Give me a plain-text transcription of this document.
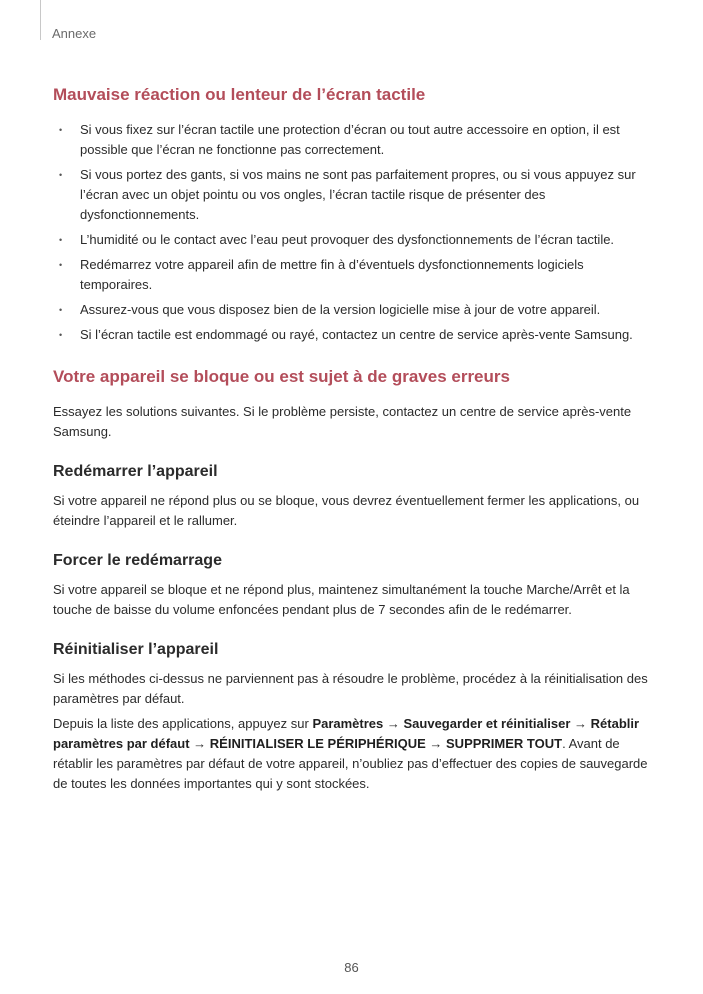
Annexe
Mauvaise réaction ou lenteur de l’écran tactile
• Si vous fixez sur l’écran tactile une protection d’écran ou tout autre accessoire en option, il est possible que l’écran ne fonctionne pas correctement.
• Si vous portez des gants, si vos mains ne sont pas parfaitement propres, ou si vous appuyez sur l’écran avec un objet pointu ou vos ongles, l’écran tactile risque de présenter des dysfonctionnements.
• L’humidité ou le contact avec l’eau peut provoquer des dysfonctionnements de l’écran tactile.
• Redémarrez votre appareil afin de mettre fin à d’éventuels dysfonctionnements logiciels temporaires.
• Assurez-vous que vous disposez bien de la version logicielle mise à jour de votre appareil.
• Si l’écran tactile est endommagé ou rayé, contactez un centre de service après-vente Samsung.
Votre appareil se bloque ou est sujet à de graves erreurs

Essayez les solutions suivantes. Si le problème persiste, contactez un centre de service après-vente Samsung.

Redémarrer l’appareil

Si votre appareil ne répond plus ou se bloque, vous devrez éventuellement fermer les applications, ou éteindre l’appareil et le rallumer.

Forcer le redémarrage

Si votre appareil se bloque et ne répond plus, maintenez simultanément la touche Marche/Arrêt et la touche de baisse du volume enfoncées pendant plus de 7 secondes afin de le redémarrer.

Réinitialiser l’appareil

Si les méthodes ci-dessus ne parviennent pas à résoudre le problème, procédez à la réinitialisation des paramètres par défaut.

Depuis la liste des applications, appuyez sur Paramètres → Sauvegarder et réinitialiser → Rétablir paramètres par défaut → RÉINITIALISER LE PÉRIPHÉRIQUE → SUPPRIMER TOUT. Avant de rétablir les paramètres par défaut de votre appareil, n’oubliez pas d’effectuer des copies de sauvegarde de toutes les données importantes qui y sont stockées.

86
